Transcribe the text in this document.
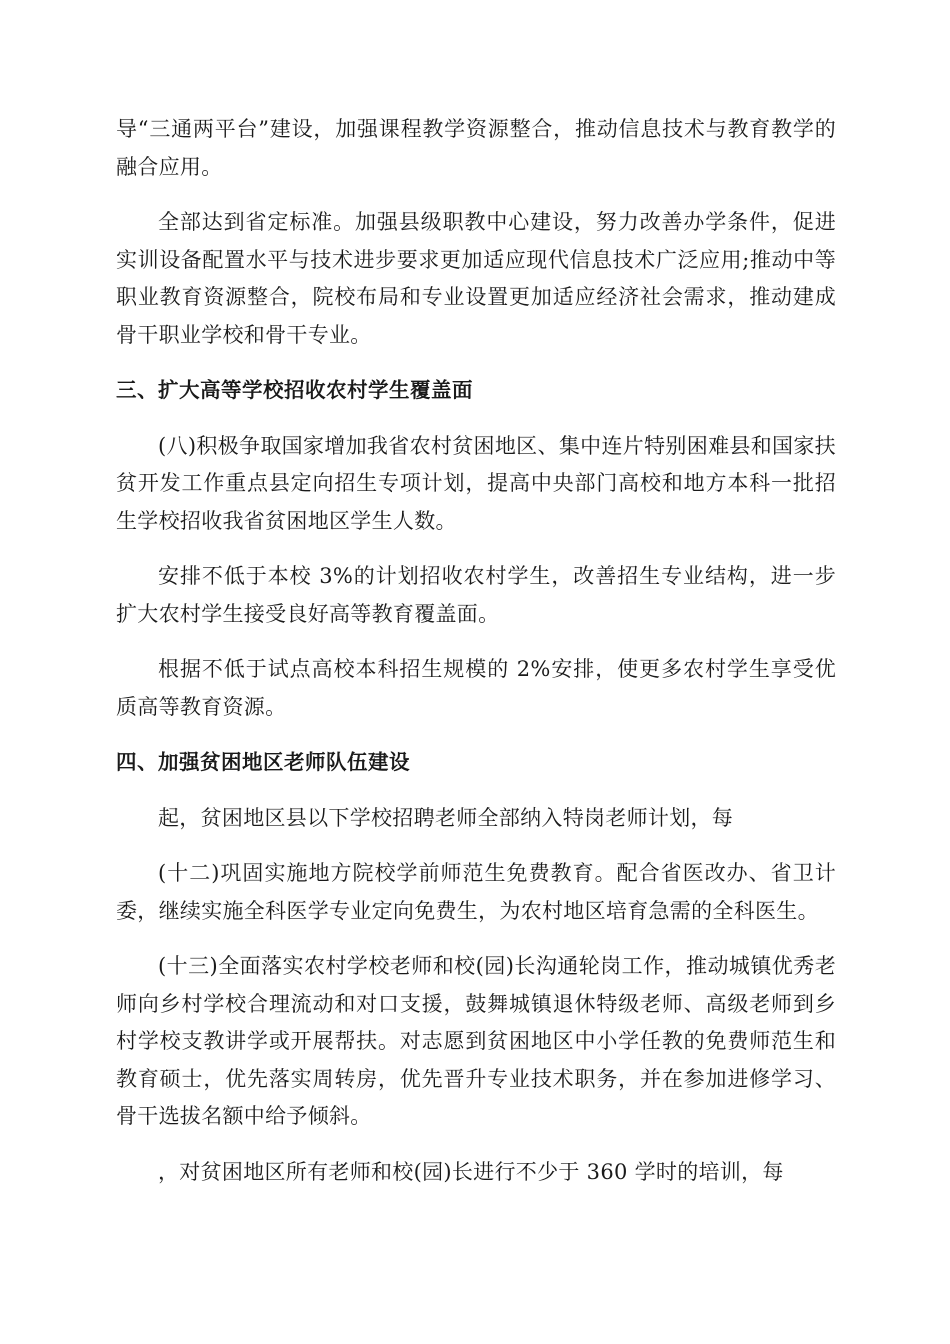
导“三通两平台”建设，加强课程教学资源整合，推动信息技术与教育教学的融合应用。

全部达到省定标准。加强县级职教中心建设，努力改善办学条件，促进实训设备配置水平与技术进步要求更加适应现代信息技术广泛应用;推动中等职业教育资源整合，院校布局和专业设置更加适应经济社会需求，推动建成骨干职业学校和骨干专业。

三、扩大高等学校招收农村学生覆盖面

(八)积极争取国家增加我省农村贫困地区、集中连片特别困难县和国家扶贫开发工作重点县定向招生专项计划，提高中央部门高校和地方本科一批招生学校招收我省贫困地区学生人数。

安排不低于本校 3%的计划招收农村学生，改善招生专业结构，进一步扩大农村学生接受良好高等教育覆盖面。

根据不低于试点高校本科招生规模的 2%安排，使更多农村学生享受优质高等教育资源。

四、加强贫困地区老师队伍建设

起，贫困地区县以下学校招聘老师全部纳入特岗老师计划，每

(十二)巩固实施地方院校学前师范生免费教育。配合省医改办、省卫计委，继续实施全科医学专业定向免费生，为农村地区培育急需的全科医生。

(十三)全面落实农村学校老师和校(园)长沟通轮岗工作，推动城镇优秀老师向乡村学校合理流动和对口支援，鼓舞城镇退休特级老师、高级老师到乡村学校支教讲学或开展帮扶。对志愿到贫困地区中小学任教的免费师范生和教育硕士，优先落实周转房，优先晋升专业技术职务，并在参加进修学习、骨干选拔名额中给予倾斜。

，对贫困地区所有老师和校(园)长进行不少于 360 学时的培训，每
